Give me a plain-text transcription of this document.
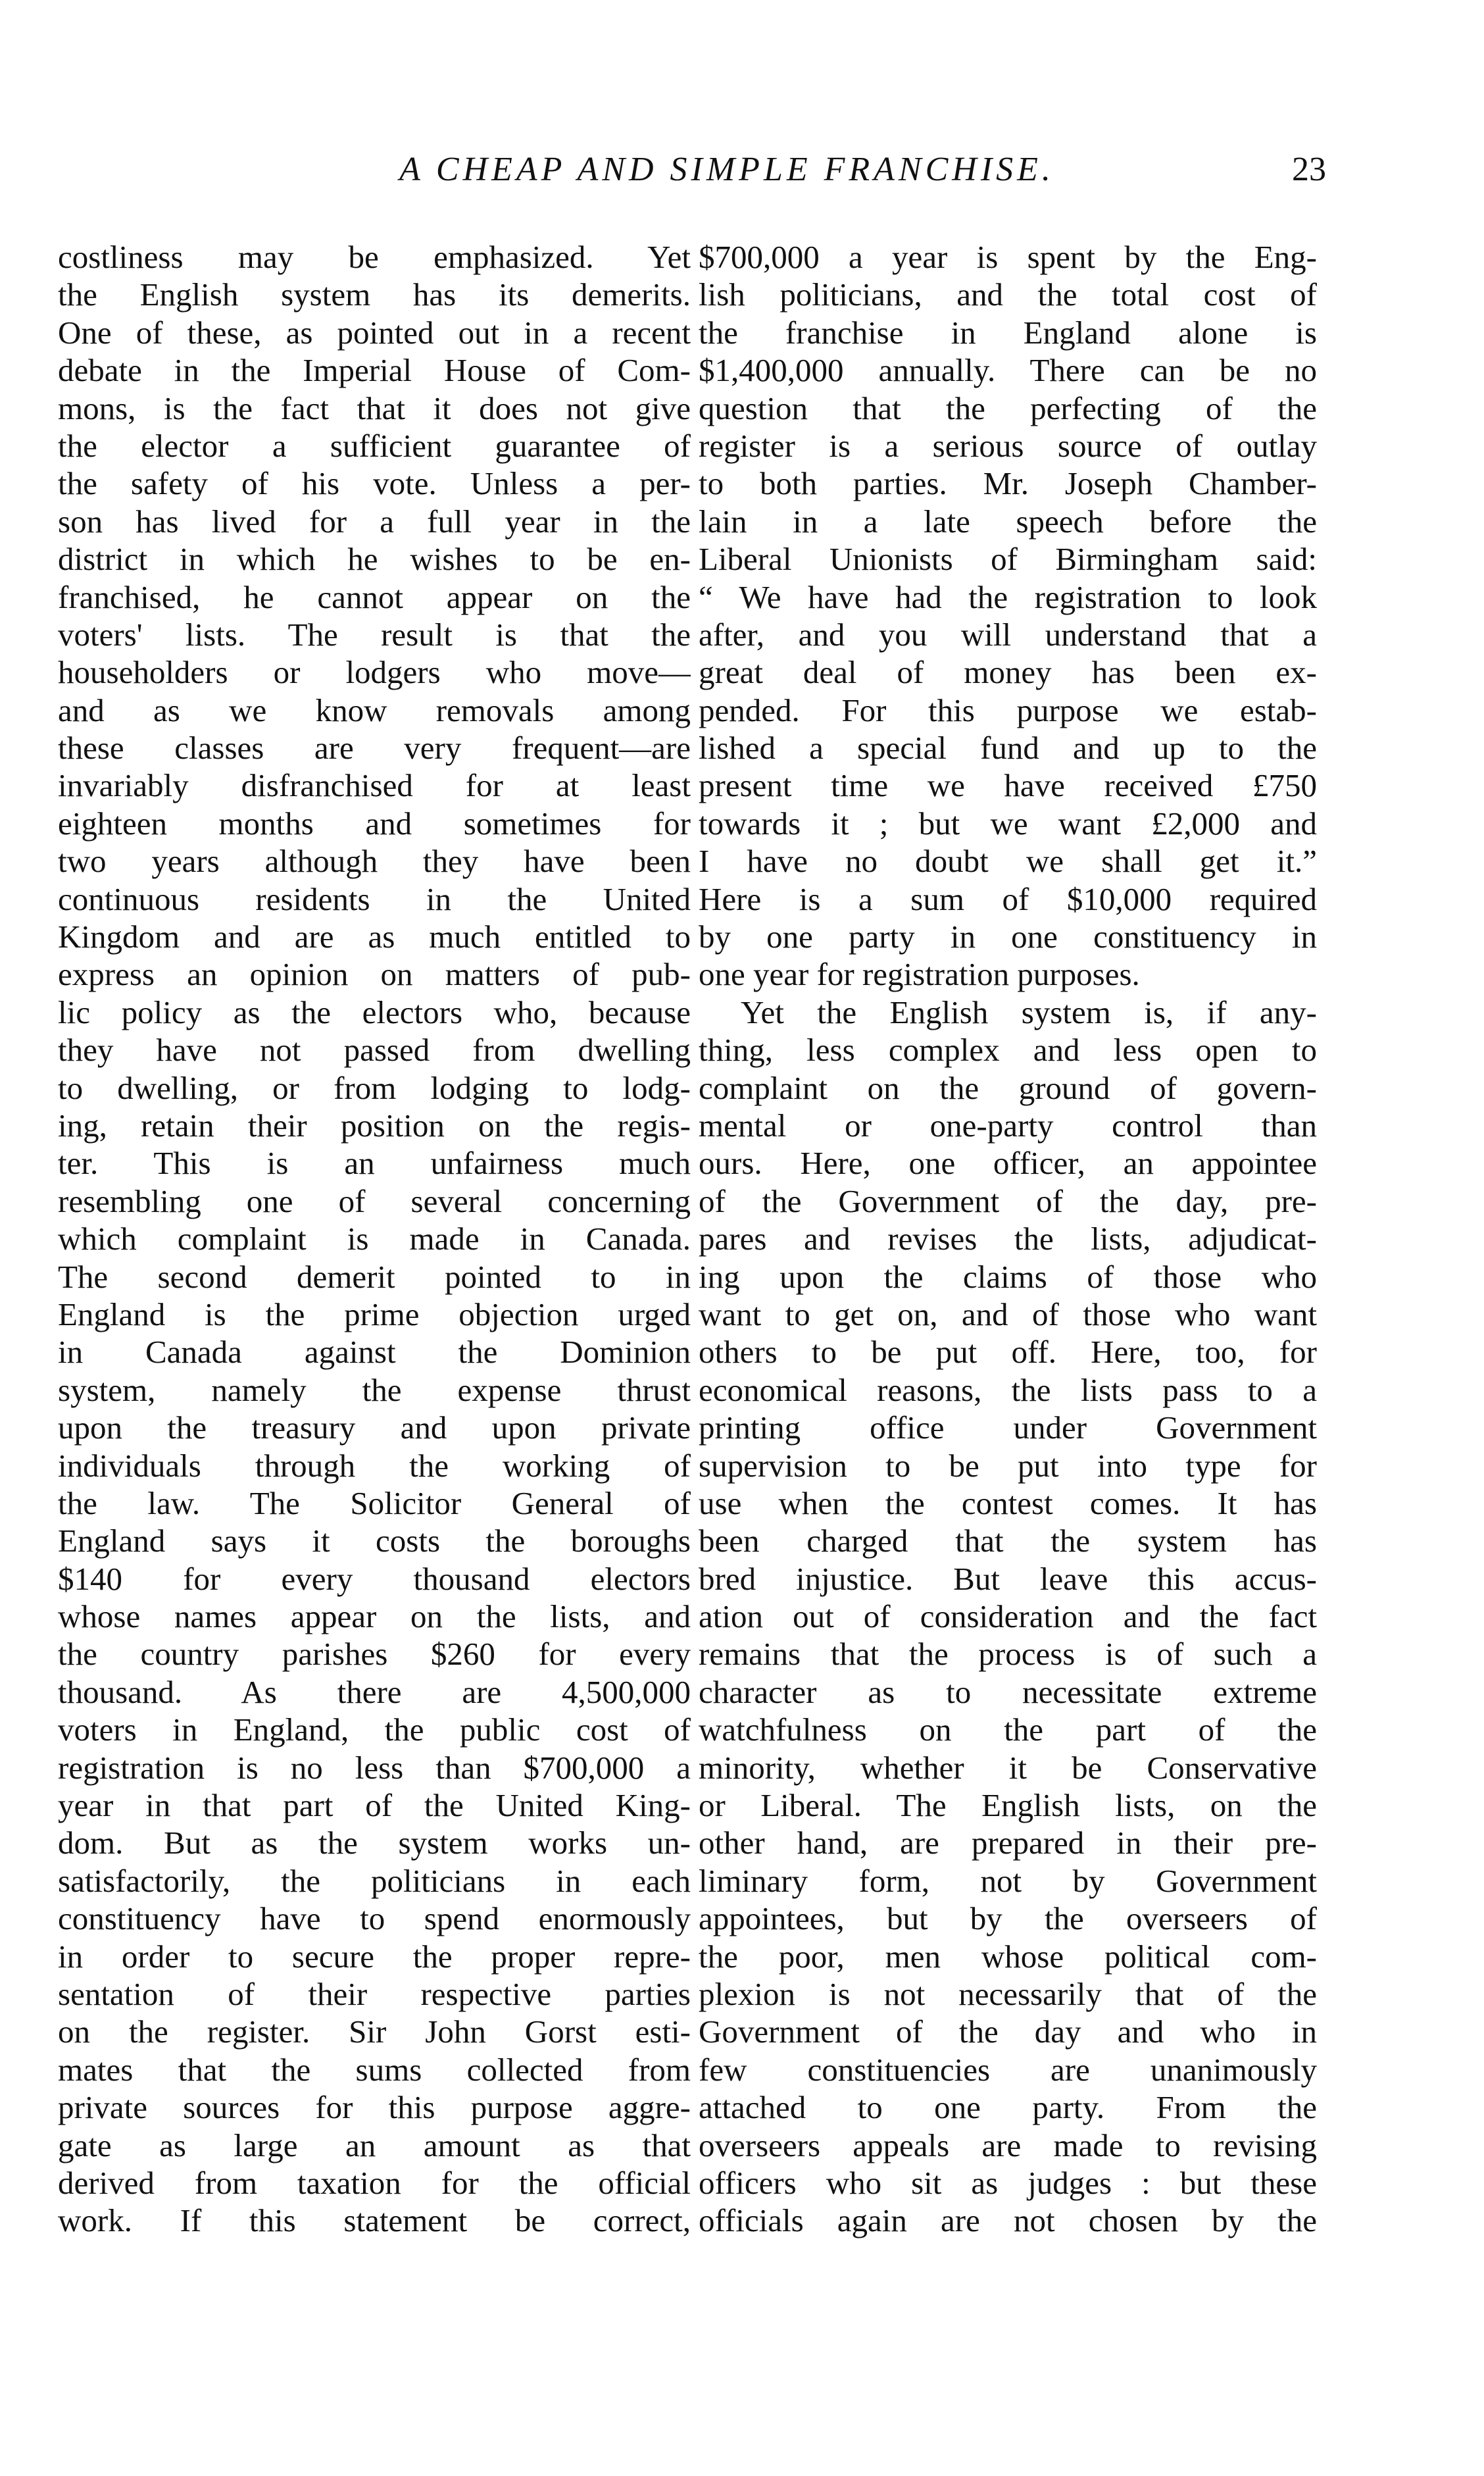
A CHEAP AND SIMPLE FRANCHISE.	23
costliness may be emphasized. Yet
the English system has its demerits.
One of these, as pointed out in a recent
debate in the Imperial House of Com-
mons, is the fact that it does not give
the elector a sufficient guarantee of
the safety of his vote. Unless a per-
son has lived for a full year in the
district in which he wishes to be en-
franchised, he cannot appear on the
voters' lists. The result is that the
householders or lodgers who move—
and as we know removals among
these classes are very frequent—are
invariably disfranchised for at least
eighteen months and sometimes for
two years although they have been
continuous residents in the United
Kingdom and are as much entitled to
express an opinion on matters of pub-
lic policy as the electors who, because
they have not passed from dwelling
to dwelling, or from lodging to lodg-
ing, retain their position on the regis-
ter. This is an unfairness much
resembling one of several concerning
which complaint is made in Canada.
The second demerit pointed to in
England is the prime objection urged
in Canada against the Dominion
system, namely the expense thrust
upon the treasury and upon private
individuals through the working of
the law. The Solicitor General of
England says it costs the boroughs
$140 for every thousand electors
whose names appear on the lists, and
the country parishes $260 for every
thousand. As there are 4,500,000
voters in England, the public cost of
registration is no less than $700,000 a
year in that part of the United King-
dom. But as the system works un-
satisfactorily, the politicians in each
constituency have to spend enormously
in order to secure the proper repre-
sentation of their respective parties
on the register. Sir John Gorst esti-
mates that the sums collected from
private sources for this purpose aggre-
gate as large an amount as that
derived from taxation for the official
work. If this statement be correct,
$700,000 a year is spent by the Eng-
lish politicians, and the total cost of
the franchise in England alone is
$1,400,000 annually. There can be no
question that the perfecting of the
register is a serious source of outlay
to both parties. Mr. Joseph Chamber-
lain in a late speech before the
Liberal Unionists of Birmingham said:
“ We have had the registration to look
after, and you will understand that a
great deal of money has been ex-
pended. For this purpose we estab-
lished a special fund and up to the
present time we have received £750
towards it ; but we want £2,000 and
I have no doubt we shall get it.”
Here is a sum of $10,000 required
by one party in one constituency in
one year for registration purposes.
Yet the English system is, if any-
thing, less complex and less open to
complaint on the ground of govern-
mental or one-party control than
ours. Here, one officer, an appointee
of the Government of the day, pre-
pares and revises the lists, adjudicat-
ing upon the claims of those who
want to get on, and of those who want
others to be put off. Here, too, for
economical reasons, the lists pass to a
printing office under Government
supervision to be put into type for
use when the contest comes. It has
been charged that the system has
bred injustice. But leave this accus-
ation out of consideration and the fact
remains that the process is of such a
character as to necessitate extreme
watchfulness on the part of the
minority, whether it be Conservative
or Liberal. The English lists, on the
other hand, are prepared in their pre-
liminary form, not by Government
appointees, but by the overseers of
the poor, men whose political com-
plexion is not necessarily that of the
Government of the day and who in
few constituencies are unanimously
attached to one party. From the
overseers appeals are made to revising
officers who sit as judges : but these
officials again are not chosen by the
